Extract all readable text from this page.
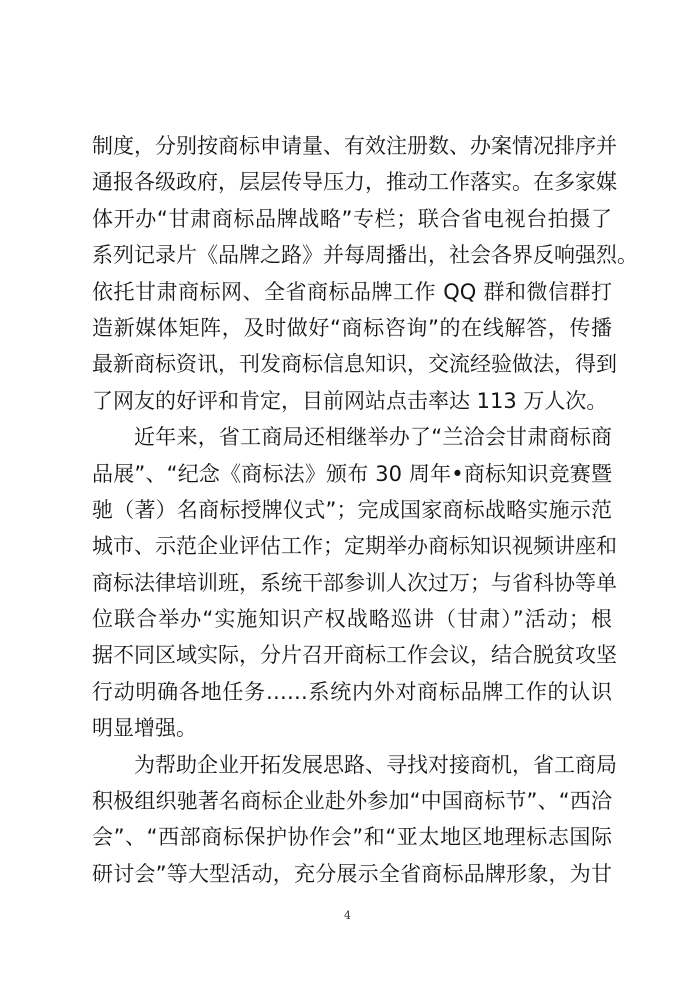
制度，分别按商标申请量、有效注册数、办案情况排序并
通报各级政府，层层传导压力，推动工作落实。在多家媒
体开办“甘肃商标品牌战略”专栏；联合省电视台拍摄了
系列记录片《品牌之路》并每周播出，社会各界反响强烈。
依托甘肃商标网、全省商标品牌工作 QQ 群和微信群打
造新媒体矩阵，及时做好“商标咨询”的在线解答，传播
最新商标资讯，刊发商标信息知识，交流经验做法，得到
了网友的好评和肯定，目前网站点击率达 113 万人次。
近年来，省工商局还相继举办了“兰洽会甘肃商标商
品展”、“纪念《商标法》颁布 30 周年•商标知识竞赛暨
驰（著）名商标授牌仪式”；完成国家商标战略实施示范
城市、示范企业评估工作；定期举办商标知识视频讲座和
商标法律培训班，系统干部参训人次过万；与省科协等单
位联合举办“实施知识产权战略巡讲（甘肃）”活动；根
据不同区域实际，分片召开商标工作会议，结合脱贫攻坚
行动明确各地任务……系统内外对商标品牌工作的认识
明显增强。
为帮助企业开拓发展思路、寻找对接商机，省工商局
积极组织驰著名商标企业赴外参加“中国商标节”、“西洽
会”、“西部商标保护协作会”和“亚太地区地理标志国际
研讨会”等大型活动，充分展示全省商标品牌形象，为甘
4
